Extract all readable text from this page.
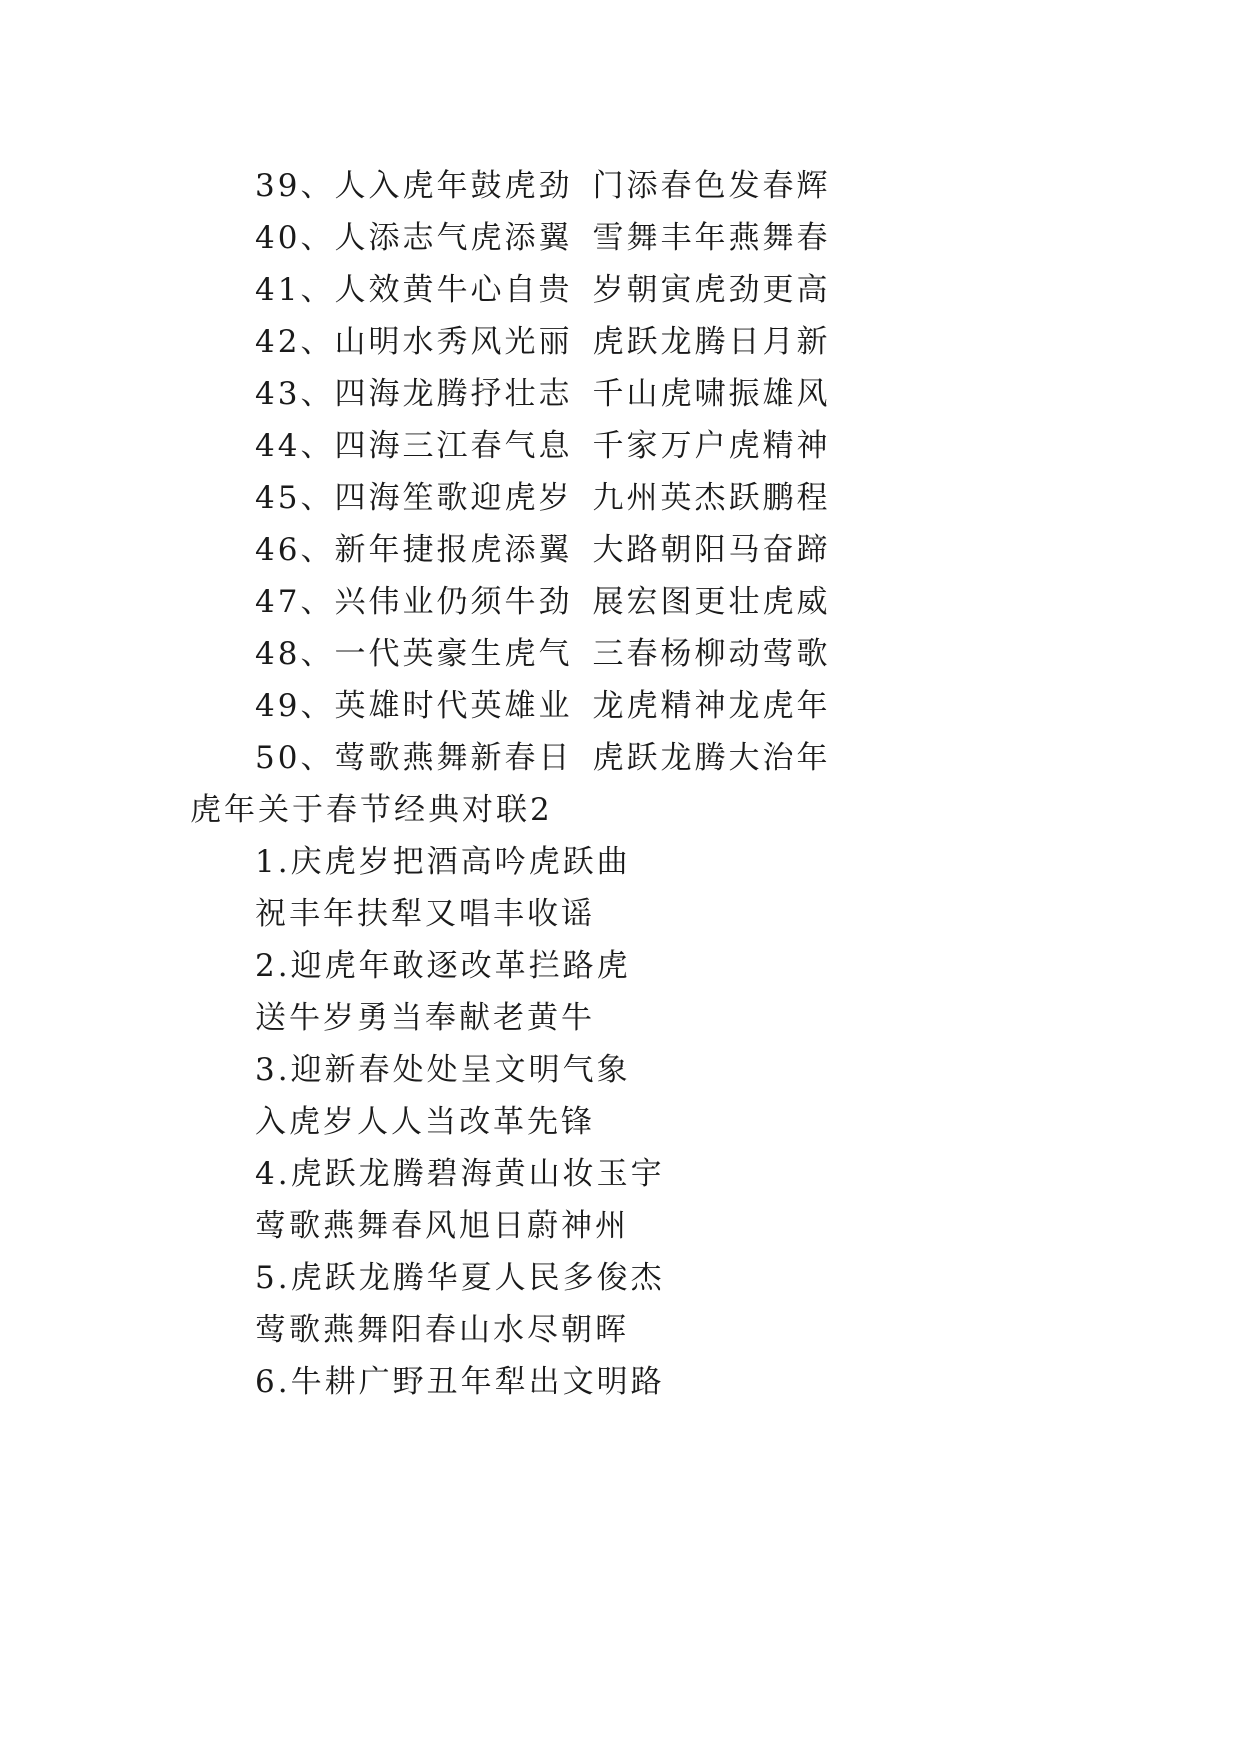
39、人入虎年鼓虎劲 门添春色发春辉
40、人添志气虎添翼 雪舞丰年燕舞春
41、人效黄牛心自贵 岁朝寅虎劲更高
42、山明水秀风光丽 虎跃龙腾日月新
43、四海龙腾抒壮志 千山虎啸振雄风
44、四海三江春气息 千家万户虎精神
45、四海笙歌迎虎岁 九州英杰跃鹏程
46、新年捷报虎添翼 大路朝阳马奋蹄
47、兴伟业仍须牛劲 展宏图更壮虎威
48、一代英豪生虎气 三春杨柳动莺歌
49、英雄时代英雄业 龙虎精神龙虎年
50、莺歌燕舞新春日 虎跃龙腾大治年
虎年关于春节经典对联2
1.庆虎岁把酒高吟虎跃曲
祝丰年扶犁又唱丰收谣
2.迎虎年敢逐改革拦路虎
送牛岁勇当奉献老黄牛
3.迎新春处处呈文明气象
入虎岁人人当改革先锋
4.虎跃龙腾碧海黄山妆玉宇
莺歌燕舞春风旭日蔚神州
5.虎跃龙腾华夏人民多俊杰
莺歌燕舞阳春山水尽朝晖
6.牛耕广野丑年犁出文明路
